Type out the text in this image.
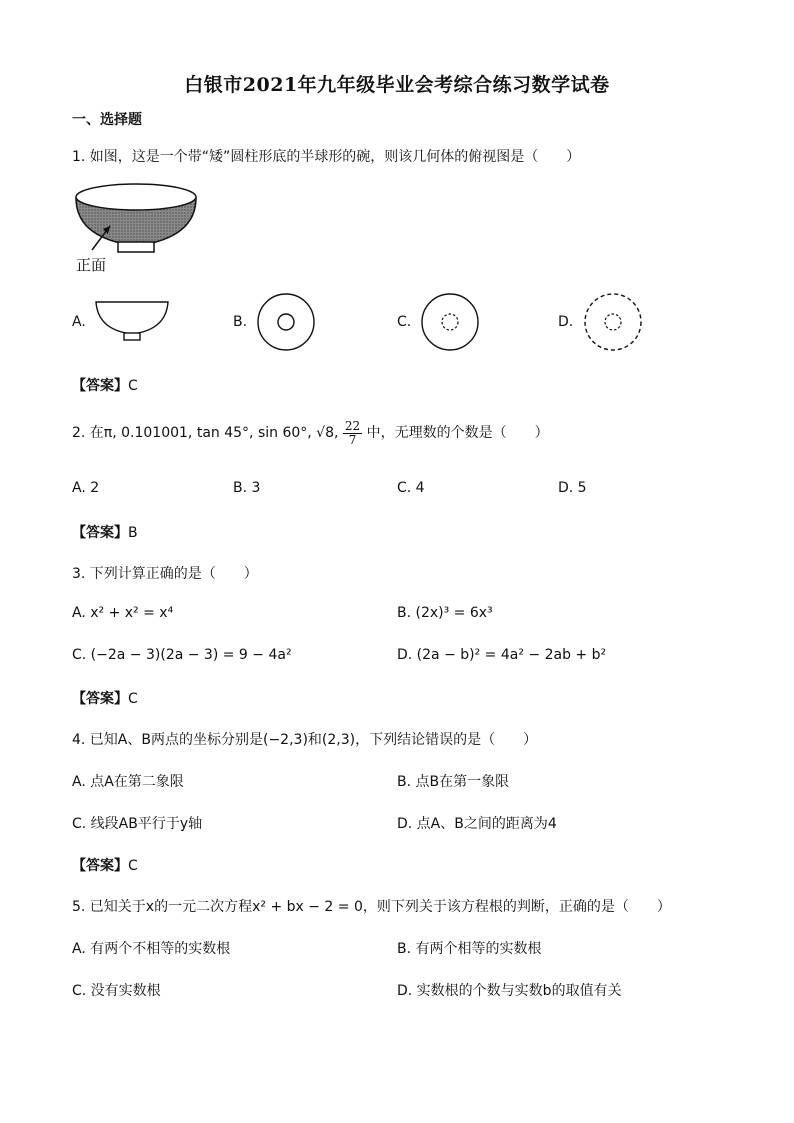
白银市2021年九年级毕业会考综合练习数学试卷
一、选择题
1. 如图，这是一个带“矮”圆柱形底的半球形的碗，则该几何体的俯视图是（　　）
正面
A.	B.	C.	D.
【答案】C
2. 在π, 0.101001, tan 45°, sin 60°, √8, $\frac{22}{7}$ 中，无理数的个数是（　　）
A. 2	B. 3	C. 4	D. 5
【答案】B
3. 下列计算正确的是（　　）
A. x² + x² = x⁴	B. (2x)³ = 6x³
C. (−2a − 3)(2a − 3) = 9 − 4a²	D. (2a − b)² = 4a² − 2ab + b²
【答案】C
4. 已知A、B两点的坐标分别是(−2,3)和(2,3)，下列结论错误的是（　　）
A. 点A在第二象限	B. 点B在第一象限
C. 线段AB平行于y轴	D. 点A、B之间的距离为4
【答案】C
5. 已知关于x的一元二次方程x² + bx − 2 = 0，则下列关于该方程根的判断，正确的是（　　）
A. 有两个不相等的实数根	B. 有两个相等的实数根
C. 没有实数根	D. 实数根的个数与实数b的取值有关
